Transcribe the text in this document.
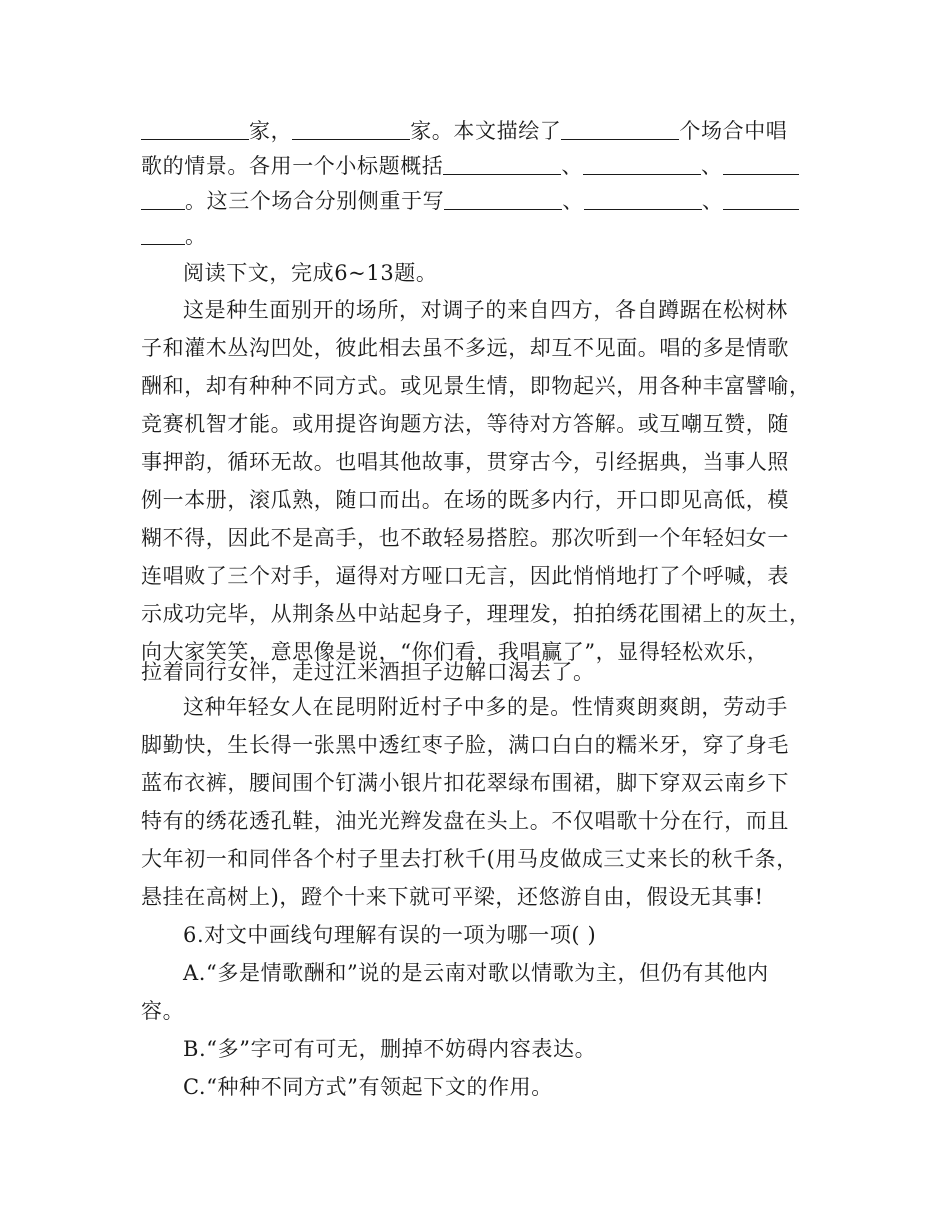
家，	家。本文描绘了	个场合中唱
歌的情景。各用一个小标题概括	、	、
。这三个场合分别侧重于写	、	、
。
阅读下文，完成6~13题。
这是种生面别开的场所，对调子的来自四方，各自蹲踞在松树林
子和灌木丛沟凹处，彼此相去虽不多远，却互不见面。唱的多是情歌
酬和，却有种种不同方式。或见景生情，即物起兴，用各种丰富譬喻，
竞赛机智才能。或用提咨询题方法，等待对方答解。或互嘲互赞，随
事押韵，循环无故。也唱其他故事，贯穿古今，引经据典，当事人照
例一本册，滚瓜熟，随口而出。在场的既多内行，开口即见高低，模
糊不得，因此不是高手，也不敢轻易搭腔。那次听到一个年轻妇女一
连唱败了三个对手，逼得对方哑口无言，因此悄悄地打了个呼喊，表
示成功完毕，从荆条丛中站起身子，理理发，拍拍绣花围裙上的灰土，
向大家笑笑，意思像是说，“你们看，我唱赢了”，显得轻松欢乐，
拉着同行女伴，走过江米酒担子边解口渴去了。
这种年轻女人在昆明附近村子中多的是。性情爽朗爽朗，劳动手
脚勤快，生长得一张黑中透红枣子脸，满口白白的糯米牙，穿了身毛
蓝布衣裤，腰间围个钉满小银片扣花翠绿布围裙，脚下穿双云南乡下
特有的绣花透孔鞋，油光光辫发盘在头上。不仅唱歌十分在行，而且
大年初一和同伴各个村子里去打秋千(用马皮做成三丈来长的秋千条，
悬挂在高树上)，蹬个十来下就可平梁，还悠游自由，假设无其事!
6.对文中画线句理解有误的一项为哪一项( )
A.“多是情歌酬和”说的是云南对歌以情歌为主，但仍有其他内
容。
B.“多”字可有可无，删掉不妨碍内容表达。
C.“种种不同方式”有领起下文的作用。
